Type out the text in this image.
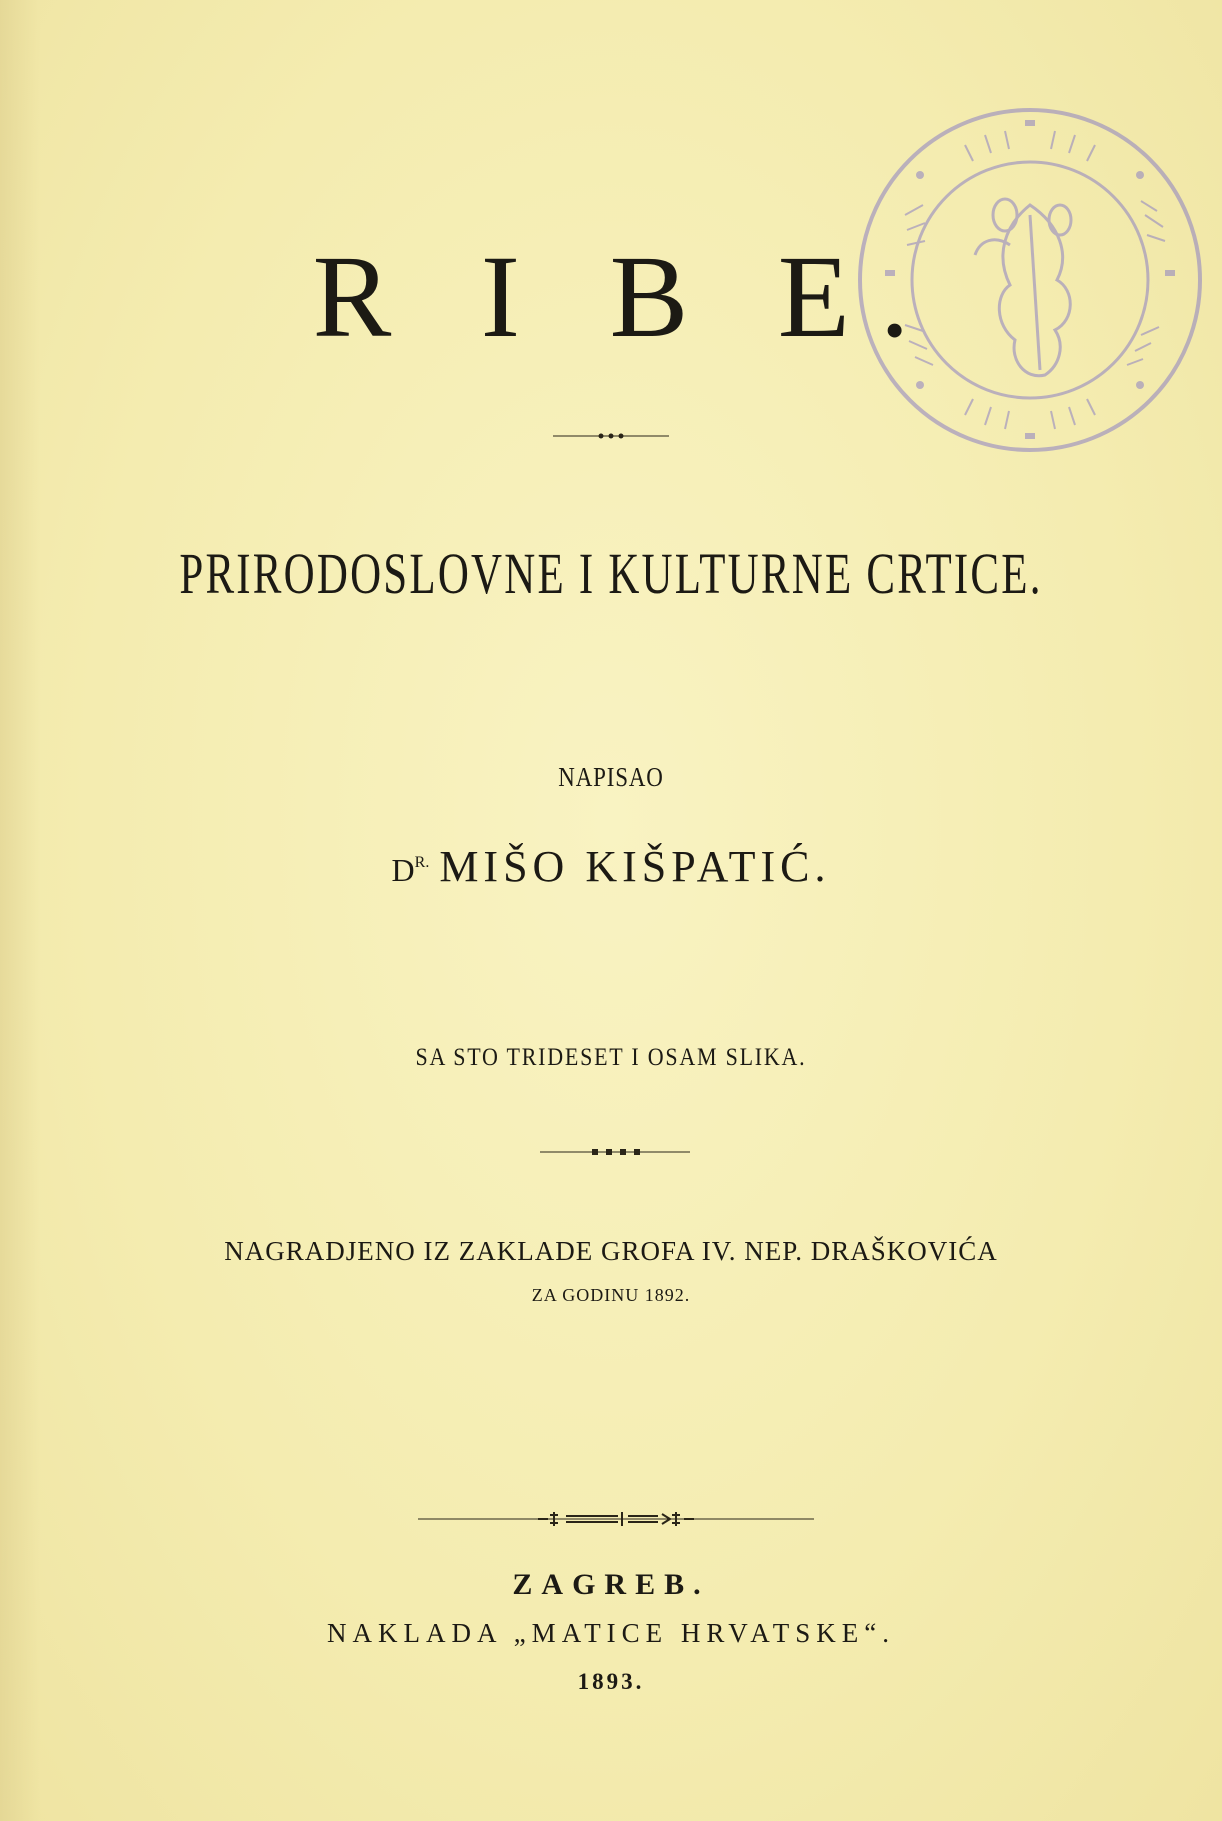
R I B E.
PRIRODOSLOVNE I KULTURNE CRTICE.
NAPISAO
$D^{R.}$ MIŠO KIŠPATIĆ.
SA STO TRIDESET I OSAM SLIKA.
NAGRADJENO IZ ZAKLADE GROFA IV. NEP. DRAŠKOVIĆA
ZA GODINU 1892.
ZAGREB.
NAKLADA „MATICE HRVATSKE“.
1893.
